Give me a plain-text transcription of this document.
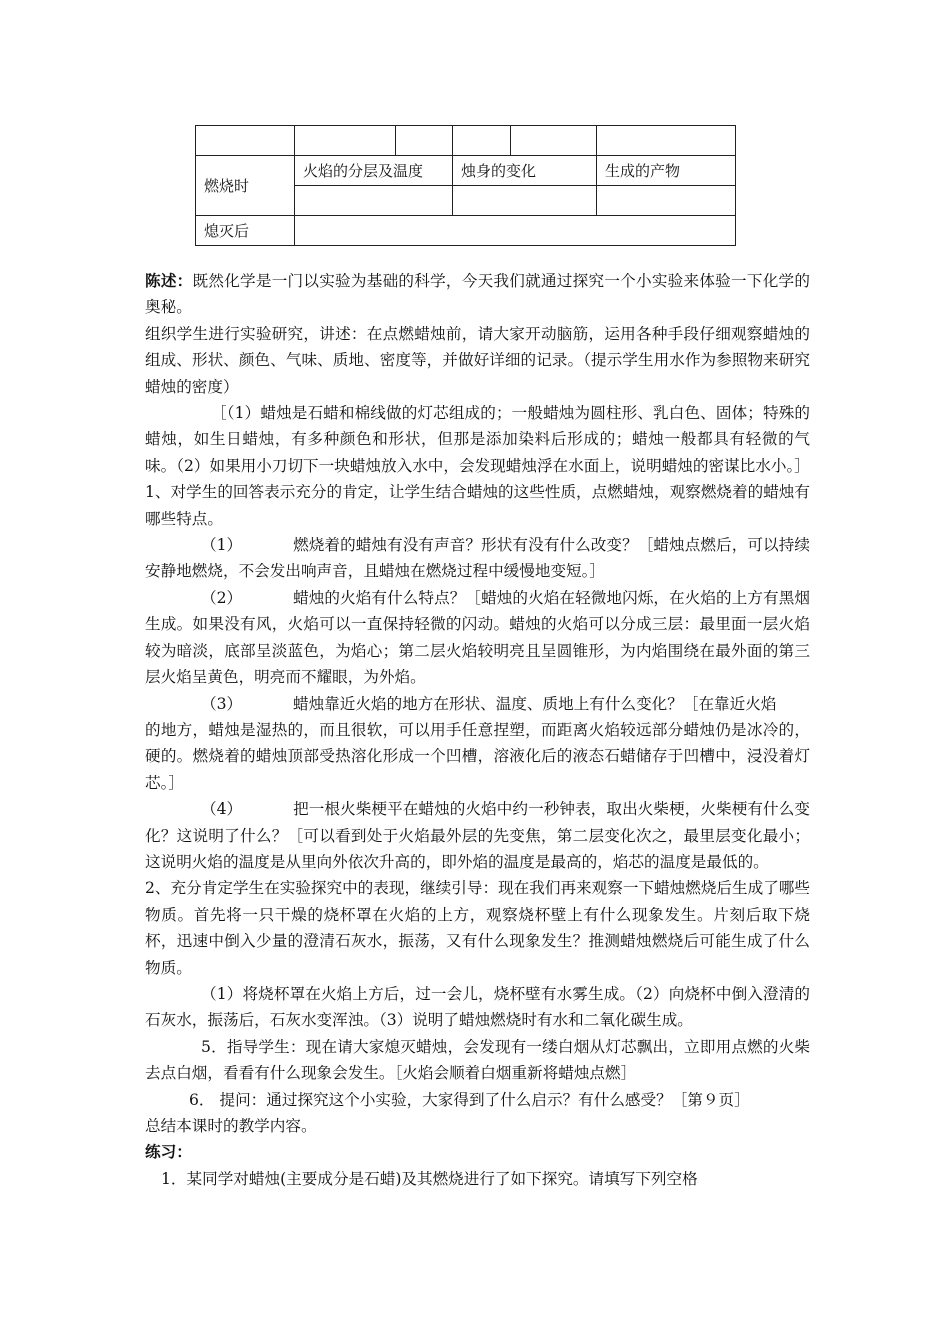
燃烧时	火焰的分层及温度		烛身的变化		生成的产物

熄灭后					

陈述：既然化学是一门以实验为基础的科学，今天我们就通过探究一个小实验来体验一下化学的奥秘。

组织学生进行实验研究，讲述：在点燃蜡烛前，请大家开动脑筋，运用各种手段仔细观察蜡烛的组成、形状、颜色、气味、质地、密度等，并做好详细的记录。（提示学生用水作为参照物来研究蜡烛的密度）

［（1）蜡烛是石蜡和棉线做的灯芯组成的；一般蜡烛为圆柱形、乳白色、固体；特殊的蜡烛，如生日蜡烛，有多种颜色和形状，但那是添加染料后形成的；蜡烛一般都具有轻微的气味。（2）如果用小刀切下一块蜡烛放入水中，会发现蜡烛浮在水面上，说明蜡烛的密谋比水小。］

1、对学生的回答表示充分的肯定，让学生结合蜡烛的这些性质，点燃蜡烛，观察燃烧着的蜡烛有哪些特点。

（1）	燃烧着的蜡烛有没有声音？形状有没有什么改变？［蜡烛点燃后，可以持续安静地燃烧，不会发出响声音，且蜡烛在燃烧过程中缓慢地变短。］

（2）	蜡烛的火焰有什么特点？［蜡烛的火焰在轻微地闪烁，在火焰的上方有黑烟生成。如果没有风，火焰可以一直保持轻微的闪动。蜡烛的火焰可以分成三层：最里面一层火焰较为暗淡，底部呈淡蓝色，为焰心；第二层火焰较明亮且呈圆锥形，为内焰围绕在最外面的第三层火焰呈黄色，明亮而不耀眼，为外焰。

（3）	蜡烛靠近火焰的地方在形状、温度、质地上有什么变化？［在靠近火焰

的地方，蜡烛是湿热的，而且很软，可以用手任意捏塑，而距离火焰较远部分蜡烛仍是冰冷的，硬的。燃烧着的蜡烛顶部受热溶化形成一个凹槽，溶液化后的液态石蜡储存于凹槽中，浸没着灯芯。］

（4）	把一根火柴梗平在蜡烛的火焰中约一秒钟表，取出火柴梗，火柴梗有什么变化？这说明了什么？［可以看到处于火焰最外层的先变焦，第二层变化次之，最里层变化最小；这说明火焰的温度是从里向外依次升高的，即外焰的温度是最高的，焰芯的温度是最低的。

2、充分肯定学生在实验探究中的表现，继续引导：现在我们再来观察一下蜡烛燃烧后生成了哪些物质。首先将一只干燥的烧杯罩在火焰的上方，观察烧杯壁上有什么现象发生。片刻后取下烧杯，迅速中倒入少量的澄清石灰水，振荡，又有什么现象发生？推测蜡烛燃烧后可能生成了什么物质。

（1）将烧杯罩在火焰上方后，过一会儿，烧杯壁有水雾生成。（2）向烧杯中倒入澄清的石灰水，振荡后，石灰水变浑浊。（3）说明了蜡烛燃烧时有水和二氧化碳生成。

5．指导学生：现在请大家熄灭蜡烛，会发现有一缕白烟从灯芯飘出，立即用点燃的火柴去点白烟，看看有什么现象会发生。［火焰会顺着白烟重新将蜡烛点燃］

6． 提问：通过探究这个小实验，大家得到了什么启示？有什么感受？［第９页］

总结本课时的教学内容。

练习：

1．某同学对蜡烛(主要成分是石蜡)及其燃烧进行了如下探究。请填写下列空格
